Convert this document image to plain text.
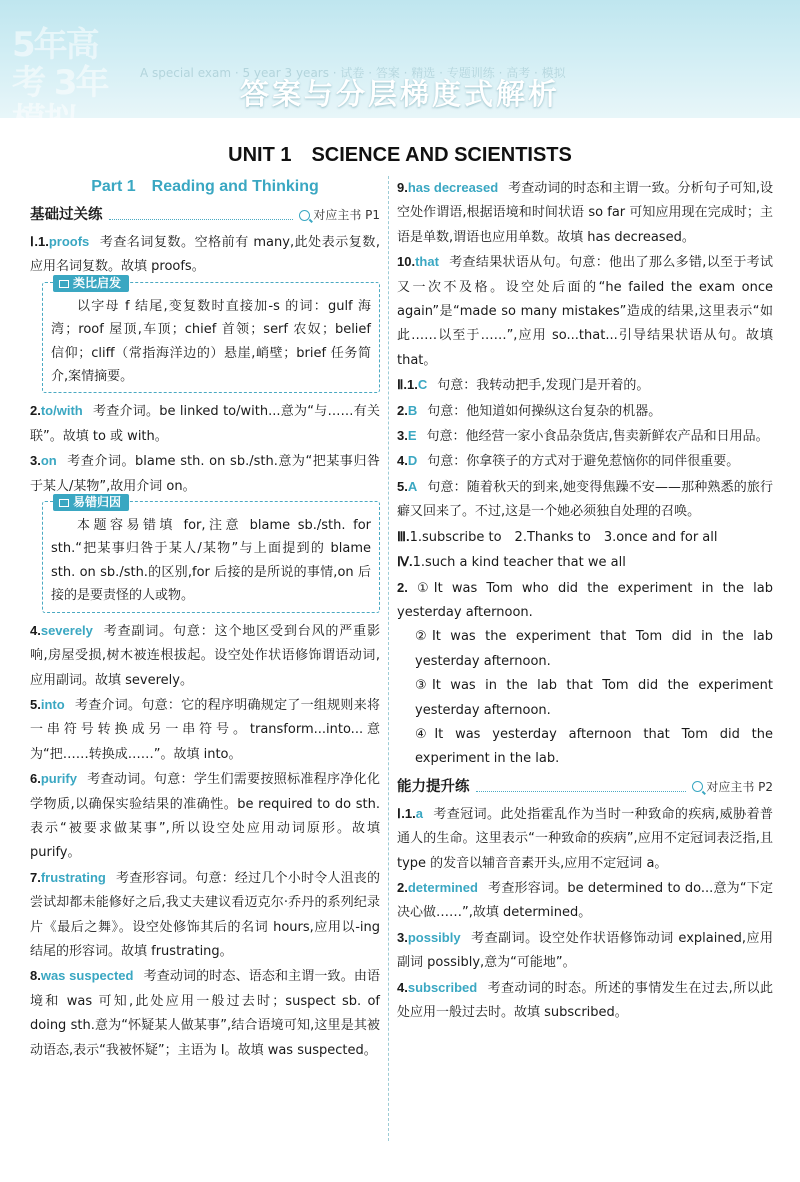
5年高考 3年模拟
A special exam · 5 year 3 years · 试卷 · 答案 · 精选 · 专题训练 · 高考 · 模拟
答案与分层梯度式解析
UNIT 1　SCIENCE AND SCIENTISTS
Part 1　Reading and Thinking
基础过关练	对应主书 P1

Ⅰ.1.proofs 考查名词复数。空格前有 many,此处表示复数,应用名词复数。故填 proofs。

类比启发

以字母 f 结尾,变复数时直接加-s 的词：gulf 海湾；roof 屋顶,车顶；chief 首领；serf 农奴；belief 信仰；cliff（常指海洋边的）悬崖,峭壁；brief 任务简介,案情摘要。

2.to/with 考查介词。be linked to/with...意为“与……有关联”。故填 to 或 with。

3.on 考查介词。blame sth. on sb./sth.意为“把某事归咎于某人/某物”,故用介词 on。

易错归因

本题容易错填 for,注意 blame sb./sth. for sth.“把某事归咎于某人/某物”与上面提到的 blame sth. on sb./sth.的区别,for 后接的是所说的事情,on 后接的是要责怪的人或物。

4.severely 考查副词。句意：这个地区受到台风的严重影响,房屋受损,树木被连根拔起。设空处作状语修饰谓语动词,应用副词。故填 severely。

5.into 考查介词。句意：它的程序明确规定了一组规则来将一串符号转换成另一串符号。transform...into...意为“把……转换成……”。故填 into。

6.purify 考查动词。句意：学生们需要按照标准程序净化化学物质,以确保实验结果的准确性。be required to do sth.表示“被要求做某事”,所以设空处应用动词原形。故填 purify。

7.frustrating 考查形容词。句意：经过几个小时令人沮丧的尝试却都未能修好之后,我丈夫建议看迈克尔·乔丹的系列纪录片《最后之舞》。设空处修饰其后的名词 hours,应用以-ing 结尾的形容词。故填 frustrating。

8.was suspected 考查动词的时态、语态和主谓一致。由语境和 was 可知,此处应用一般过去时；suspect sb. of doing sth.意为“怀疑某人做某事”,结合语境可知,这里是其被动语态,表示“我被怀疑”；主语为 I。故填 was suspected。

9.has decreased 考查动词的时态和主谓一致。分析句子可知,设空处作谓语,根据语境和时间状语 so far 可知应用现在完成时；主语是单数,谓语也应用单数。故填 has decreased。

10.that 考查结果状语从句。句意：他出了那么多错,以至于考试又一次不及格。设空处后面的“he failed the exam once again”是“made so many mistakes”造成的结果,这里表示“如此……以至于……”,应用 so...that...引导结果状语从句。故填 that。

Ⅱ.1.C 句意：我转动把手,发现门是开着的。

2.B 句意：他知道如何操纵这台复杂的机器。

3.E 句意：他经营一家小食品杂货店,售卖新鲜农产品和日用品。

4.D 句意：你拿筷子的方式对于避免惹恼你的同伴很重要。

5.A 句意：随着秋天的到来,她变得焦躁不安——那种熟悉的旅行癖又回来了。不过,这是一个她必须独自处理的召唤。

Ⅲ.1.subscribe to　2.Thanks to　3.once and for all

Ⅳ.1.such a kind teacher that we all

2. ①It was Tom who did the experiment in the lab yesterday afternoon.

②It was the experiment that Tom did in the lab yesterday afternoon.

③It was in the lab that Tom did the experiment yesterday afternoon.

④It was yesterday afternoon that Tom did the experiment in the lab.

能力提升练	对应主书 P2

Ⅰ.1.a 考查冠词。此处指霍乱作为当时一种致命的疾病,威胁着普通人的生命。这里表示“一种致命的疾病”,应用不定冠词表泛指,且 type 的发音以辅音音素开头,应用不定冠词 a。

2.determined 考查形容词。be determined to do...意为“下定决心做……”,故填 determined。

3.possibly 考查副词。设空处作状语修饰动词 explained,应用副词 possibly,意为“可能地”。

4.subscribed 考查动词的时态。所述的事情发生在过去,所以此处应用一般过去时。故填 subscribed。
